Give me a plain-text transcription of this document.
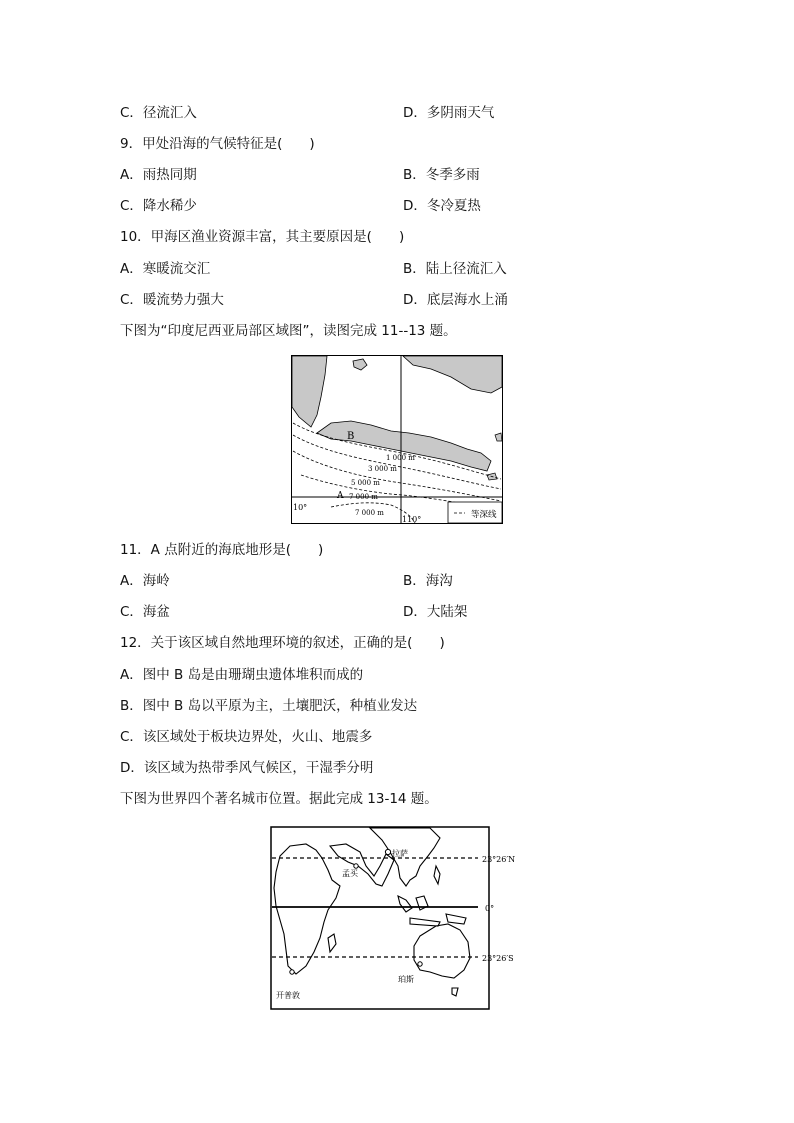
C．径流汇入	D．多阴雨天气
9．甲处沿海的气候特征是(　　)
A．雨热同期	B．冬季多雨
C．降水稀少	D．冬冷夏热
10．甲海区渔业资源丰富，其主要原因是(　　)
A．寒暖流交汇	B．陆上径流汇入
C．暖流势力强大	D．底层海水上涌
下图为“印度尼西亚局部区域图”，读图完成 11--13 题。
等深线
B
A
1 000 m
3 000 m
5 000 m
7 000 m
7 000 m
10°
110°
11．A 点附近的海底地形是(　　)
A．海岭	B．海沟
C．海盆	D．大陆架
12．关于该区域自然地理环境的叙述，正确的是(　　)
A．图中 B 岛是由珊瑚虫遗体堆积而成的
B．图中 B 岛以平原为主，土壤肥沃，种植业发达
C．该区域处于板块边界处，火山、地震多
D．该区域为热带季风气候区，干湿季分明
下图为世界四个著名城市位置。据此完成 13-14 题。
23°26′N
0°
23°26′S
拉萨
孟买
开普敦
珀斯
